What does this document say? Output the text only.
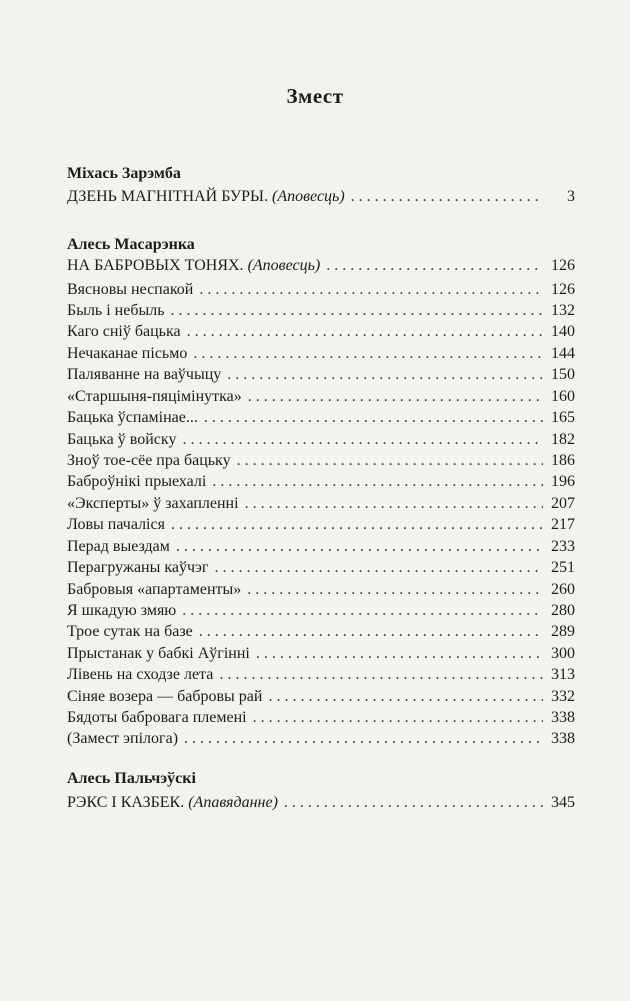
Змест
Міхась Зарэмба
ДЗЕНЬ МАГНІТНАЙ БУРЫ. (Аповесць) . . .	3
Алесь Масарэнка
НА БАБРОВЫХ ТОНЯХ. (Аповесць) . . .	126
Вясновы неспакой . . .	126
Быль і небыль . . .	132
Каго сніў бацька . . .	140
Нечаканае пісьмо . . .	144
Паляванне на ваўчыцу . . .	150
«Старшыня-пяцімінутка» . . .	160
Бацька ўспамінае... . . .	165
Бацька ў войску . . .	182
Зноў тое-сёе пра бацьку . . .	186
Баброўнікі прыехалі . . .	196
«Эксперты» ў захапленні . . .	207
Ловы пачаліся . . .	217
Перад выездам . . .	233
Перагружаны каўчэг . . .	251
Бабровыя «апартаменты» . . .	260
Я шкадую змяю . . .	280
Трое сутак на базе . . .	289
Прыстанак у бабкі Аўгінні . . .	300
Лівень на сходзе лета . . .	313
Сіняе возера — бабровы рай . . .	332
Бядоты бабровага племені . . .	338
(Замест эпілога) . . .	338
Алесь Пальчэўскі
РЭКС І КАЗБЕК. (Апавяданне) . . .	345
